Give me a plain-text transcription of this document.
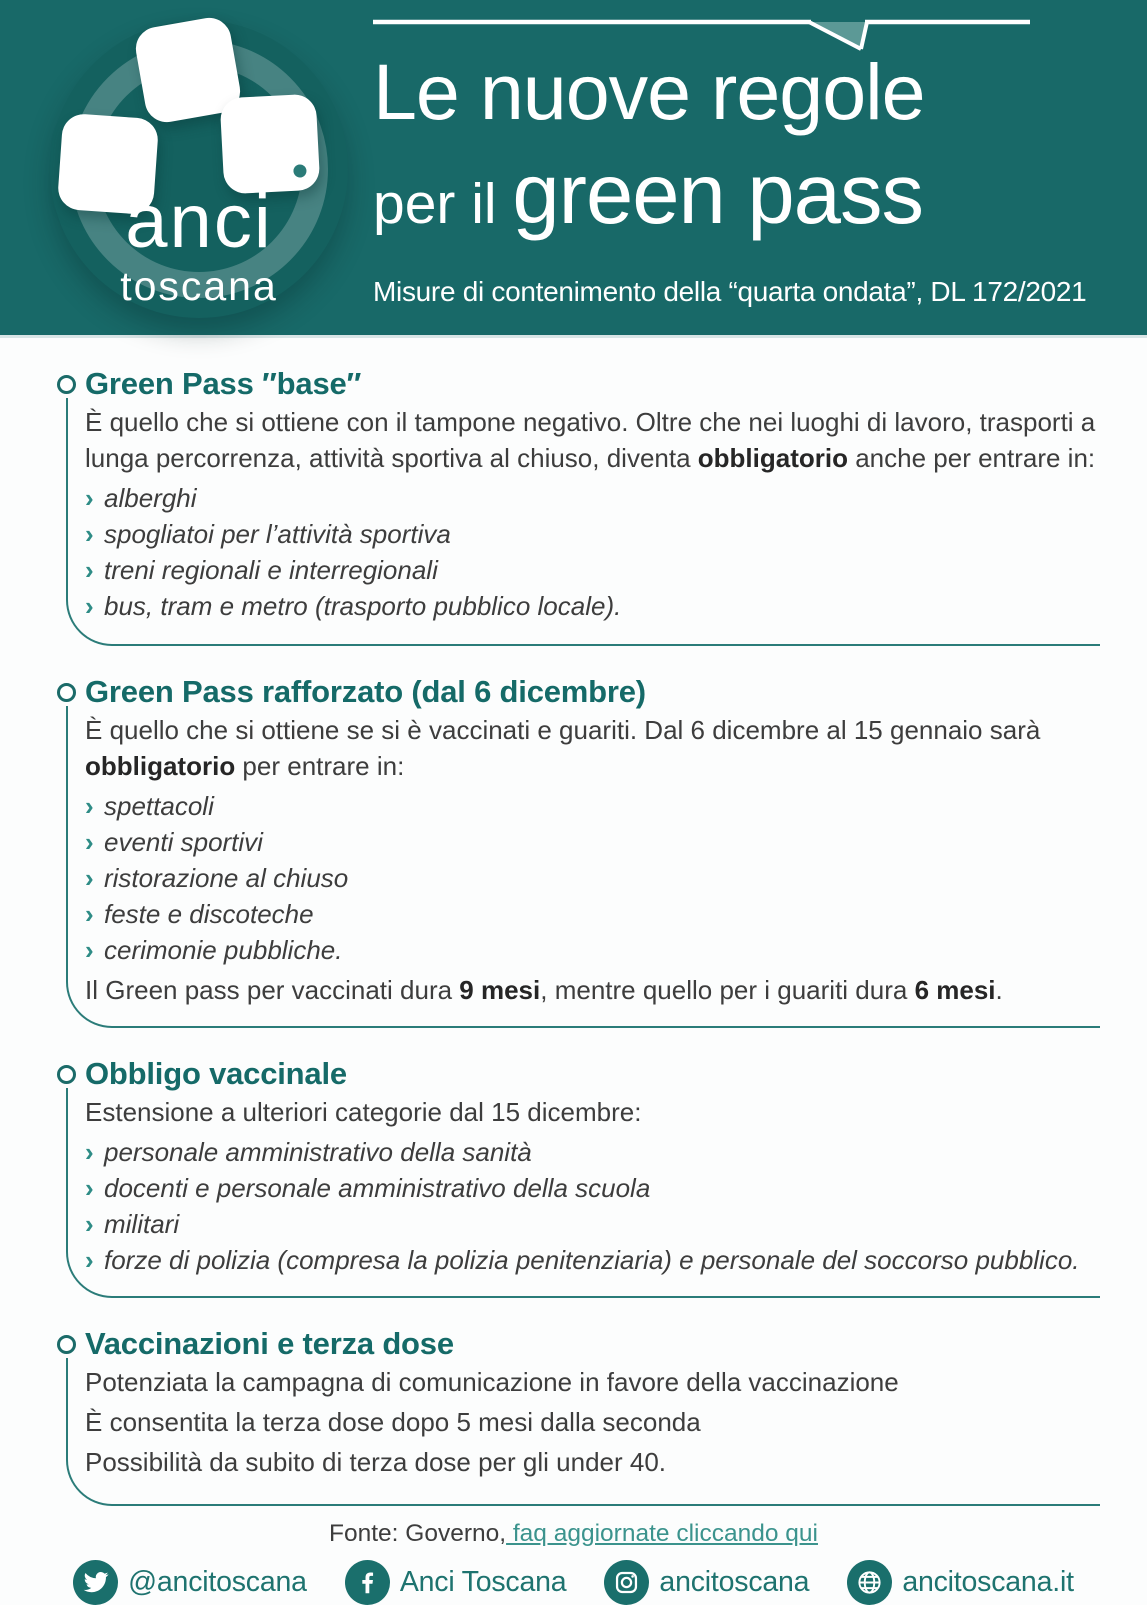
anci
toscana
Le nuove regole
per il green pass

Misure di contenimento della “quarta ondata”, DL 172/2021

Green Pass ″base″

È quello che si ottiene con il tampone negativo. Oltre che nei luoghi di lavoro, trasporti a lunga percorrenza, attività sportiva al chiuso, diventa obbligatorio anche per entrare in:

› alberghi
› spogliatoi per l’attività sportiva
› treni regionali e interregionali
› bus, tram e metro (trasporto pubblico locale).
Green Pass rafforzato (dal 6 dicembre)

È quello che si ottiene se si è vaccinati e guariti. Dal 6 dicembre al 15 gennaio sarà obbligatorio per entrare in:

› spettacoli
› eventi sportivi
› ristorazione al chiuso
› feste e discoteche
› cerimonie pubbliche.

Il Green pass per vaccinati dura 9 mesi, mentre quello per i guariti dura 6 mesi.

Obbligo vaccinale

Estensione a ulteriori categorie dal 15 dicembre:

› personale amministrativo della sanità
› docenti e personale amministrativo della scuola
› militari
› forze di polizia (compresa la polizia penitenziaria) e personale del soccorso pubblico.
Vaccinazioni e terza dose

Potenziata la campagna di comunicazione in favore della vaccinazione

È consentita la terza dose dopo 5 mesi dalla seconda

Possibilità da subito di terza dose per gli under 40.

Fonte: Governo, faq aggiornate cliccando qui

@ancitoscana	Anci Toscana	ancitoscana	ancitoscana.it
